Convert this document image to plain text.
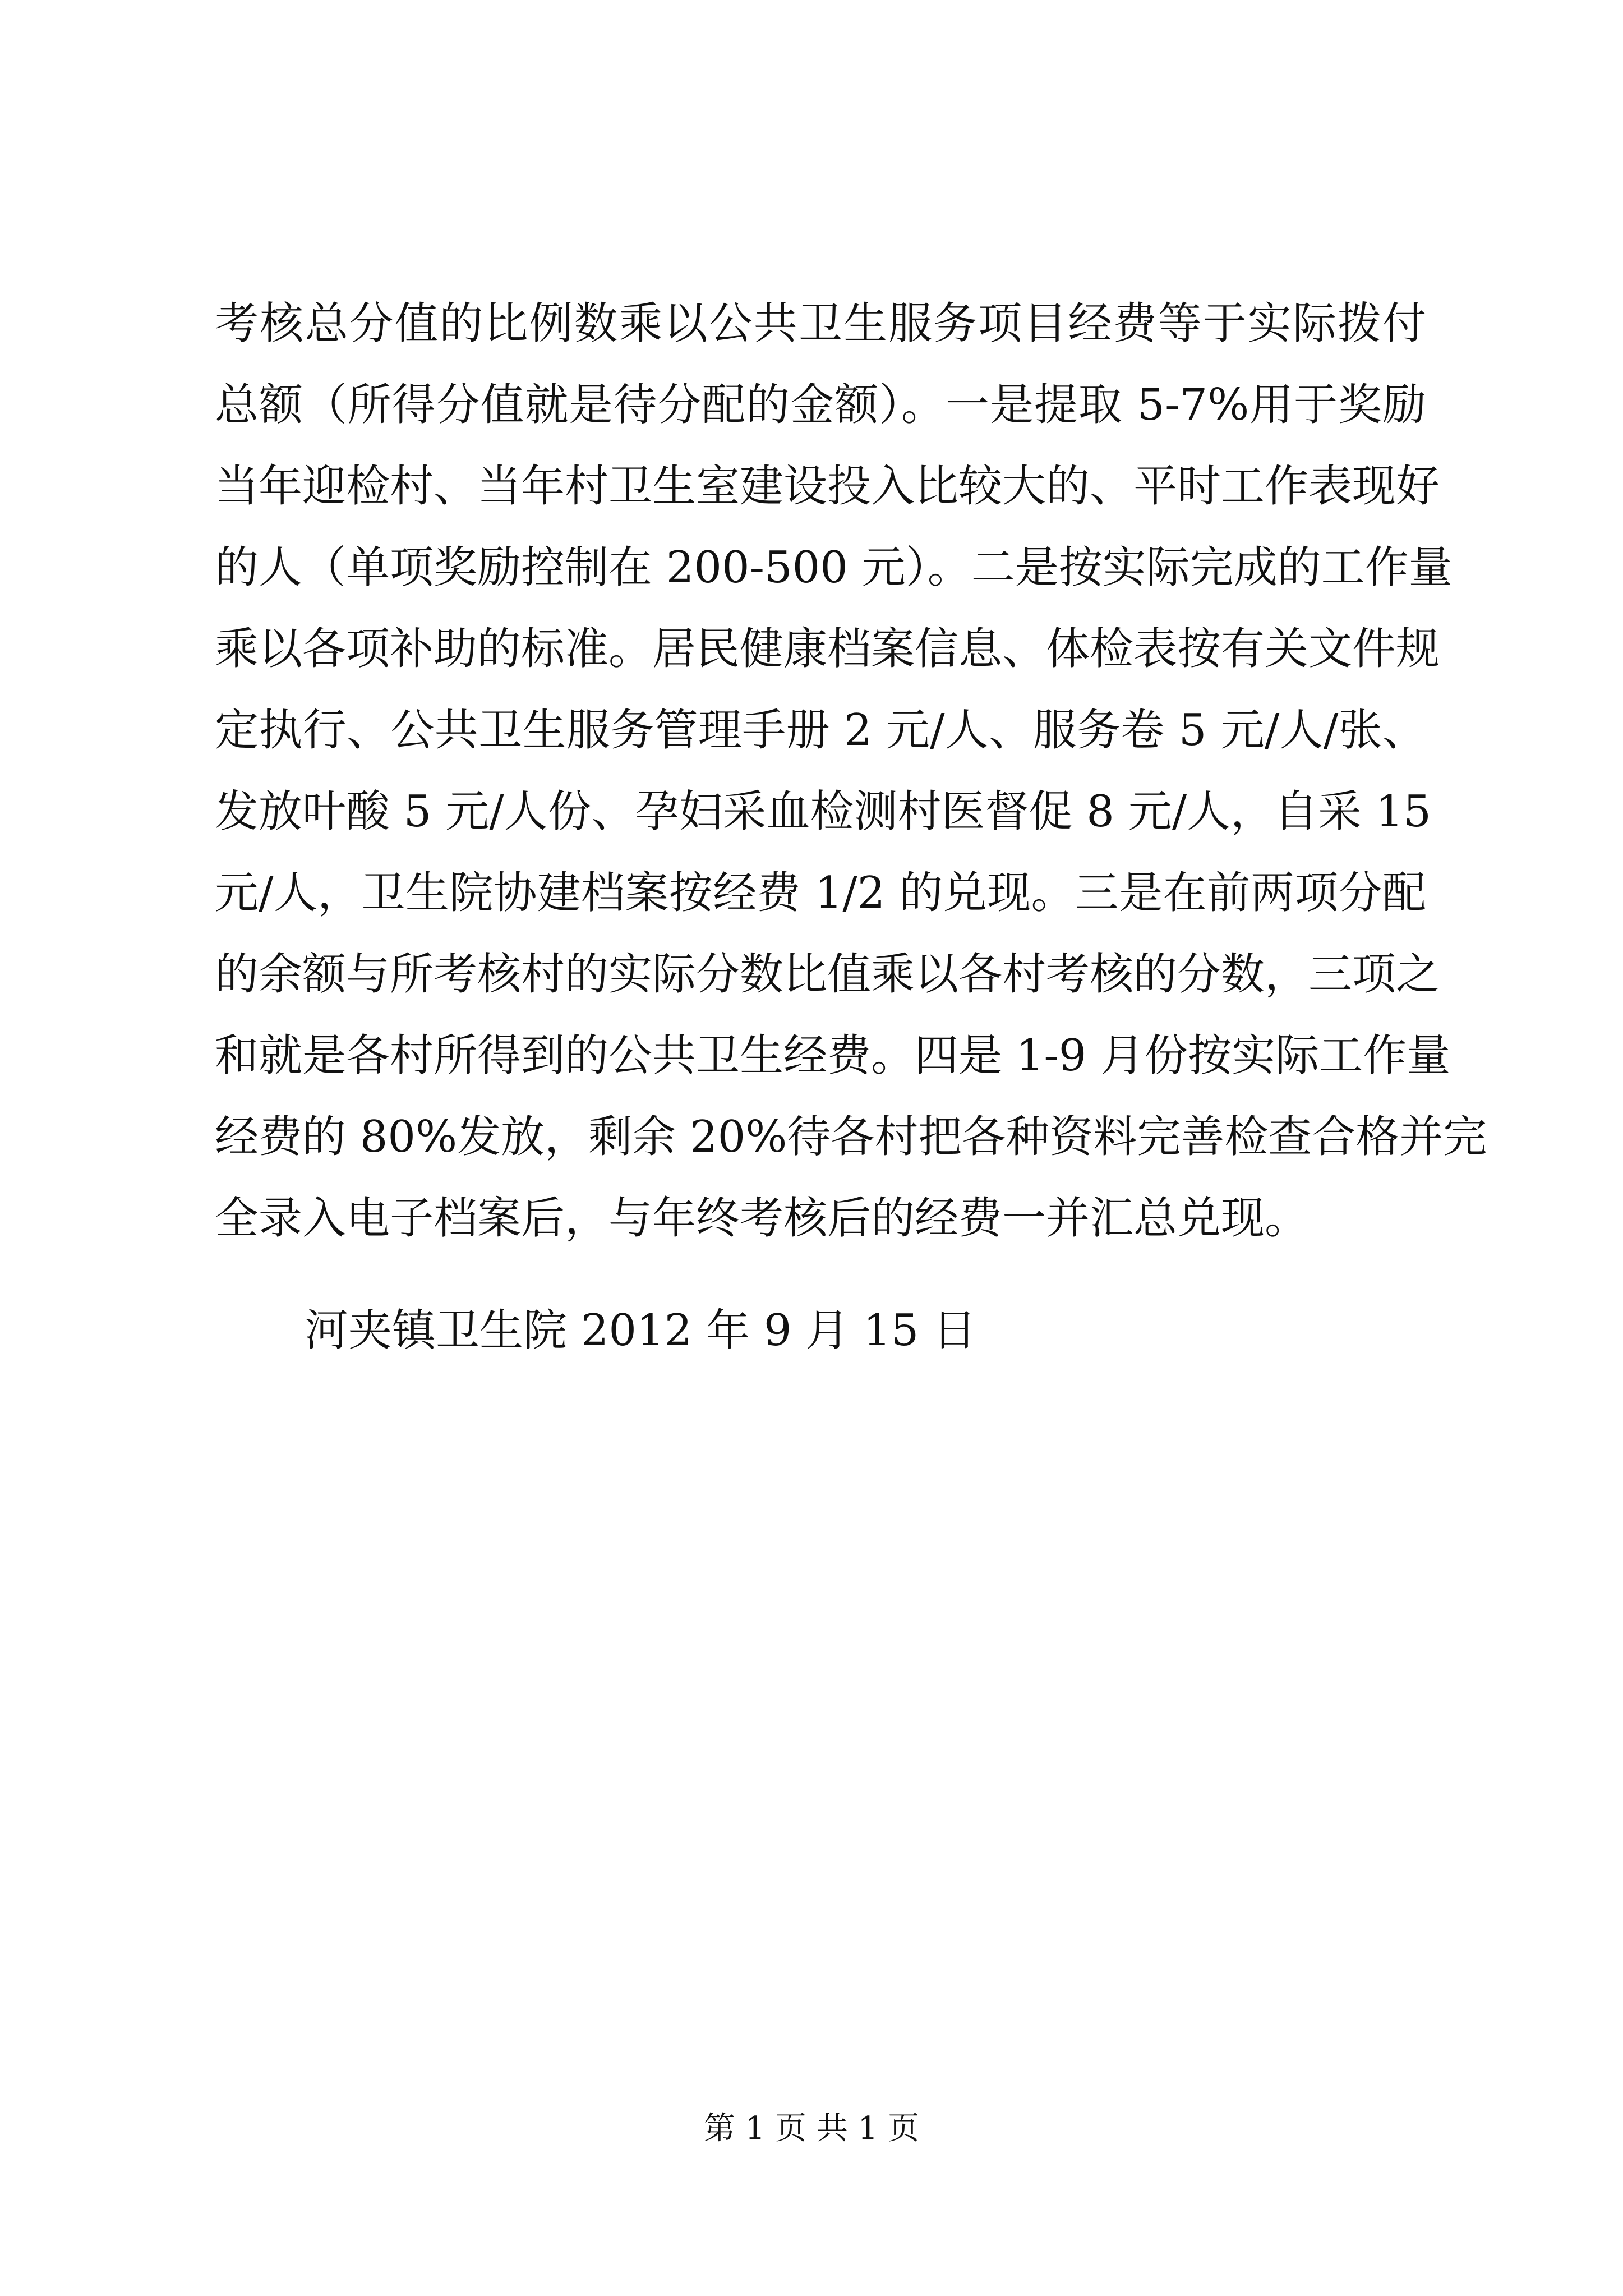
考核总分值的比例数乘以公共卫生服务项目经费等于实际拨付
总额（所得分值就是待分配的金额）。一是提取 5-7%用于奖励
当年迎检村、当年村卫生室建设投入比较大的、平时工作表现好
的人（单项奖励控制在 200-500 元）。二是按实际完成的工作量
乘以各项补助的标准。居民健康档案信息、体检表按有关文件规
定执行、公共卫生服务管理手册 2 元/人、服务卷 5 元/人/张、
发放叶酸 5 元/人份、孕妇采血检测村医督促 8 元/人，自采 15
元/人，卫生院协建档案按经费 1/2 的兑现。三是在前两项分配
的余额与所考核村的实际分数比值乘以各村考核的分数，三项之
和就是各村所得到的公共卫生经费。四是 1-9 月份按实际工作量
经费的 80%发放，剩余 20%待各村把各种资料完善检查合格并完
全录入电子档案后，与年终考核后的经费一并汇总兑现。
河夹镇卫生院 2012 年 9 月 15 日
第 1 页 共 1 页
